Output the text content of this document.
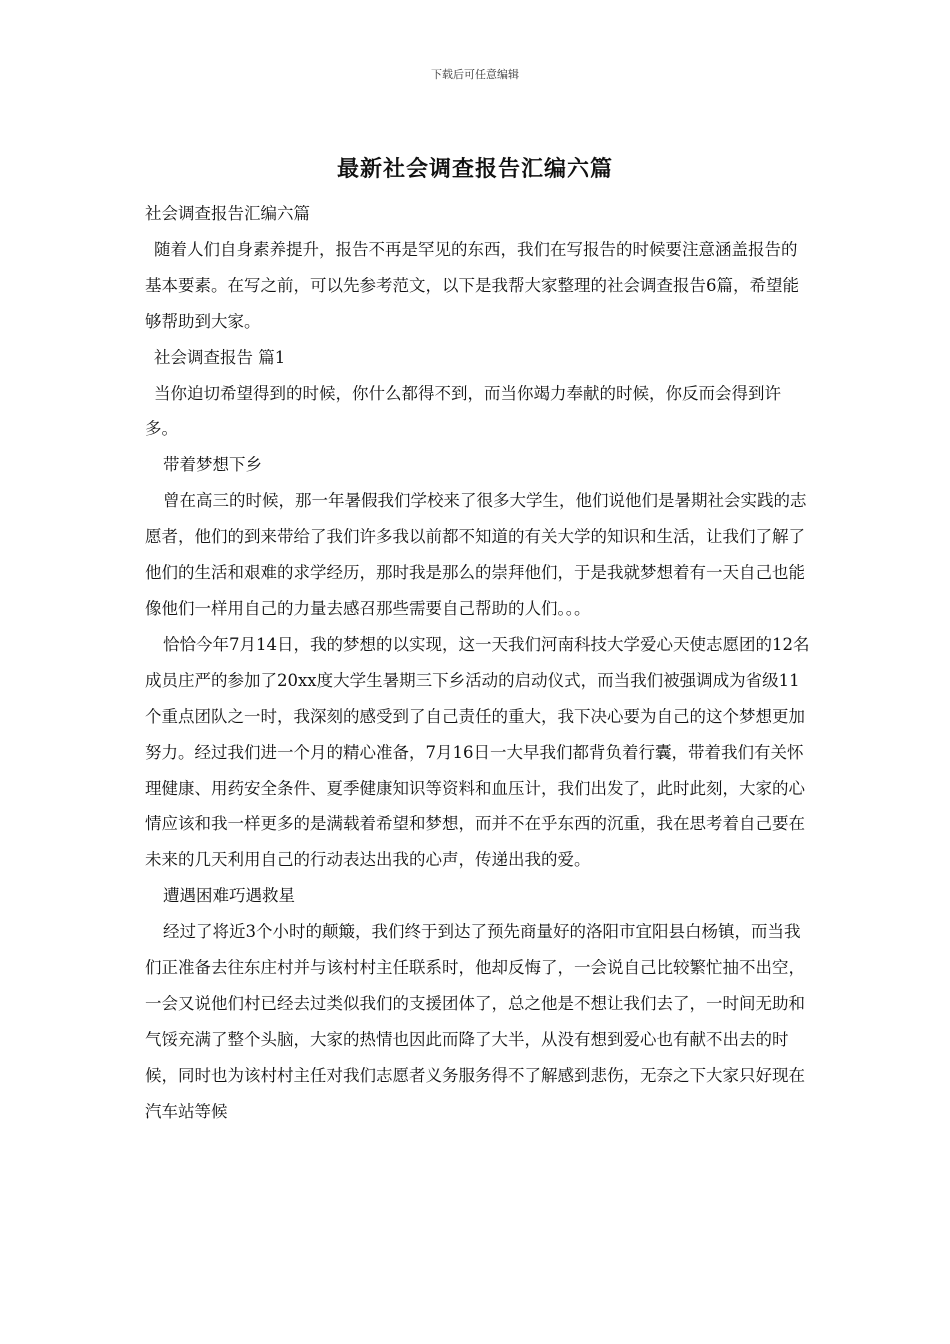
下载后可任意编辑
最新社会调查报告汇编六篇

社会调查报告汇编六篇

随着人们自身素养提升，报告不再是罕见的东西，我们在写报告的时候要注意涵盖报告的基本要素。在写之前，可以先参考范文，以下是我帮大家整理的社会调查报告6篇，希望能够帮助到大家。

社会调查报告 篇1

当你迫切希望得到的时候，你什么都得不到，而当你竭力奉献的时候，你反而会得到许多。

带着梦想下乡

曾在高三的时候，那一年暑假我们学校来了很多大学生，他们说他们是暑期社会实践的志愿者，他们的到来带给了我们许多我以前都不知道的有关大学的知识和生活，让我们了解了他们的生活和艰难的求学经历，那时我是那么的崇拜他们，于是我就梦想着有一天自己也能像他们一样用自己的力量去感召那些需要自己帮助的人们。。。

恰恰今年7月14日，我的梦想的以实现，这一天我们河南科技大学爱心天使志愿团的12名成员庄严的参加了20xx度大学生暑期三下乡活动的启动仪式，而当我们被强调成为省级11个重点团队之一时，我深刻的感受到了自己责任的重大，我下决心要为自己的这个梦想更加努力。经过我们进一个月的精心准备，7月16日一大早我们都背负着行囊，带着我们有关怀理健康、用药安全条件、夏季健康知识等资料和血压计，我们出发了，此时此刻，大家的心情应该和我一样更多的是满载着希望和梦想，而并不在乎东西的沉重，我在思考着自己要在未来的几天利用自己的行动表达出我的心声，传递出我的爱。

遭遇困难巧遇救星

经过了将近3个小时的颠簸，我们终于到达了预先商量好的洛阳市宜阳县白杨镇，而当我们正准备去往东庄村并与该村村主任联系时，他却反悔了，一会说自己比较繁忙抽不出空，一会又说他们村已经去过类似我们的支援团体了，总之他是不想让我们去了，一时间无助和气馁充满了整个头脑，大家的热情也因此而降了大半，从没有想到爱心也有献不出去的时候，同时也为该村村主任对我们志愿者义务服务得不了解感到悲伤，无奈之下大家只好现在汽车站等候
